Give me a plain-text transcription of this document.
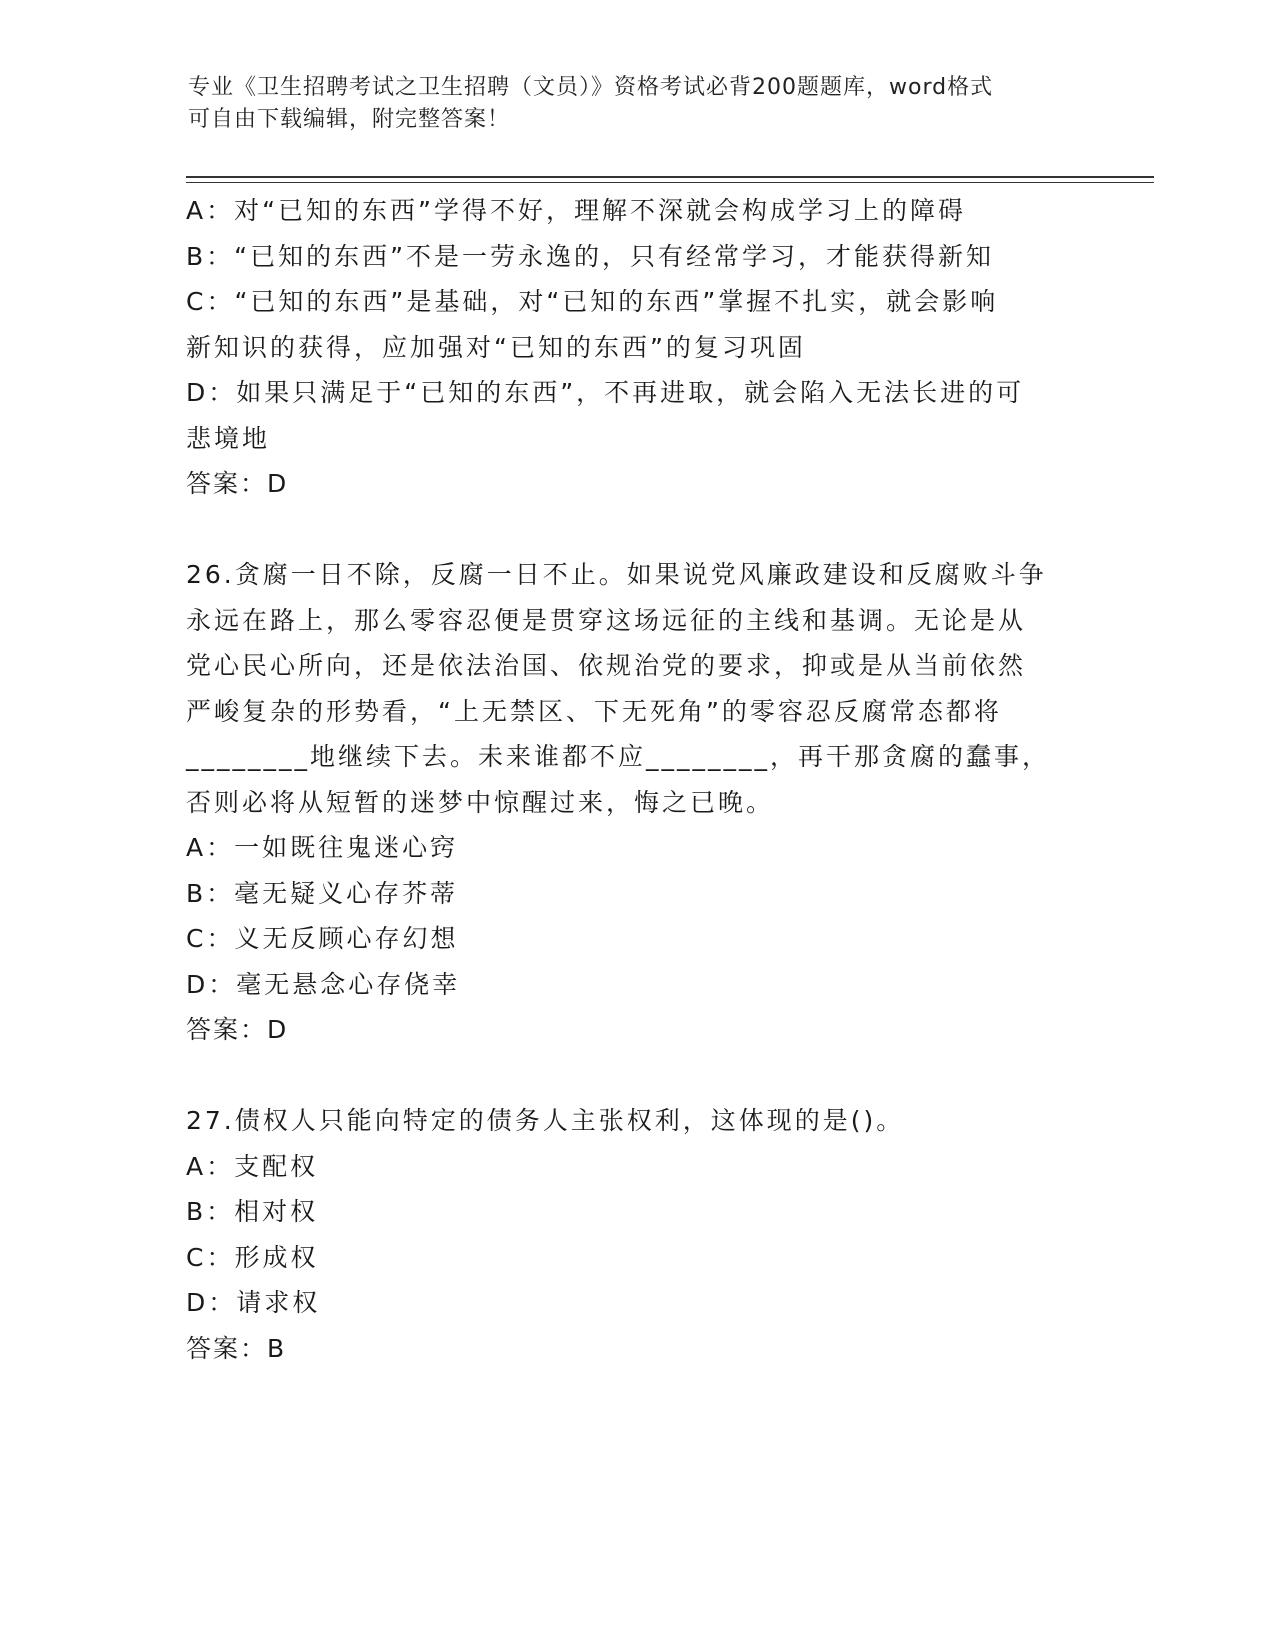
专业《卫生招聘考试之卫生招聘（文员）》资格考试必背200题题库，word格式
可自由下载编辑，附完整答案！
A：对“已知的东西”学得不好，理解不深就会构成学习上的障碍
B：“已知的东西”不是一劳永逸的，只有经常学习，才能获得新知
C：“已知的东西”是基础，对“已知的东西”掌握不扎实，就会影响
新知识的获得，应加强对“已知的东西”的复习巩固
D：如果只满足于“已知的东西”，不再进取，就会陷入无法长进的可
悲境地
答案：D
26.贪腐一日不除，反腐一日不止。如果说党风廉政建设和反腐败斗争
永远在路上，那么零容忍便是贯穿这场远征的主线和基调。无论是从
党心民心所向，还是依法治国、依规治党的要求，抑或是从当前依然
严峻复杂的形势看，“上无禁区、下无死角”的零容忍反腐常态都将
________地继续下去。未来谁都不应________，再干那贪腐的蠢事，
否则必将从短暂的迷梦中惊醒过来，悔之已晚。
A：一如既往鬼迷心窍
B：毫无疑义心存芥蒂
C：义无反顾心存幻想
D：毫无悬念心存侥幸
答案：D
27.债权人只能向特定的债务人主张权利，这体现的是()。
A：支配权
B：相对权
C：形成权
D：请求权
答案：B
